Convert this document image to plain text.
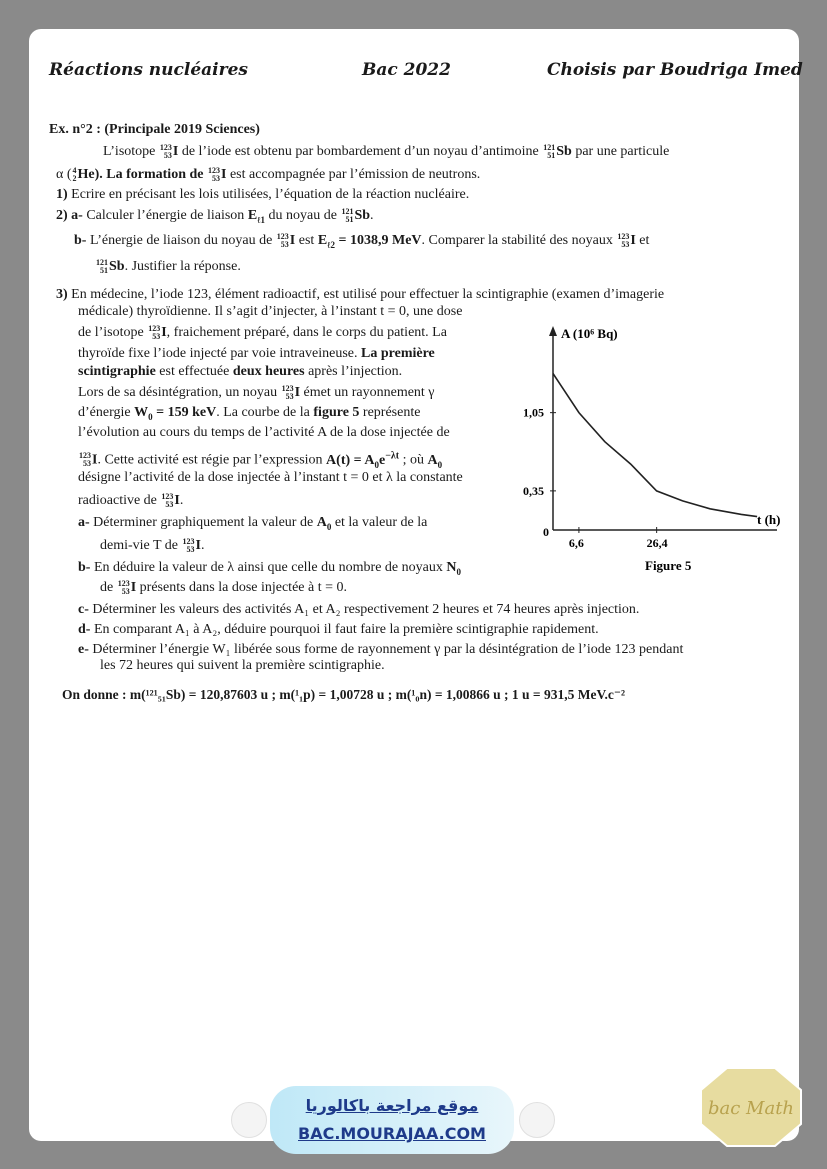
Réactions nucléaires	Bac 2022	Choisis par Boudriga Imed
Ex. n°2 : (Principale 2019 Sciences)
L’isotope 123
53 I de l’iode est obtenu par bombardement d’un noyau d’antimoine 121
51 Sb par une particule
α ( 4
2 He). La formation de 123
53 I est accompagnée par l’émission de neutrons.
1) Ecrire en précisant les lois utilisées, l’équation de la réaction nucléaire.
2) a- Calculer l’énergie de liaison $E_{\ell 1}$ du noyau de 121
51 Sb.
b- L’énergie de liaison du noyau de 123
53 I est $E_{\ell 2} = 1038,9$ MeV. Comparer la stabilité des noyaux 123
53 I et
121
51 Sb. Justifier la réponse.
3) En médecine, l’iode 123, élément radioactif, est utilisé pour effectuer la scintigraphie (examen d’imagerie
médicale) thyroïdienne. Il s’agit d’injecter, à l’instant t = 0, une dose
de l’isotope 123
53 I, fraichement préparé, dans le corps du patient. La
thyroïde fixe l’iode injecté par voie intraveineuse. La première
scintigraphie est effectuée deux heures après l’injection.
Lors de sa désintégration, un noyau 123
53 I émet un rayonnement γ
d’énergie $W_0 = 159$ keV. La courbe de la figure 5 représente
l’évolution au cours du temps de l’activité A de la dose injectée de
123
53 I. Cette activité est régie par l’expression $A(t) = A_0e^{-\lambda t}$ ; où $A_0$
désigne l’activité de la dose injectée à l’instant t = 0 et λ la constante
radioactive de 123
53 I.
a- Déterminer graphiquement la valeur de $A_0$ et la valeur de la
demi-vie T de 123
53 I.
b- En déduire la valeur de λ ainsi que celle du nombre de noyaux $N_0$
de 123
53 I présents dans la dose injectée à t = 0.
c- Déterminer les valeurs des activités A₁ et A₂ respectivement 2 heures et 74 heures après injection.
d- En comparant A₁ à A₂, déduire pourquoi il faut faire la première scintigraphie rapidement.
e- Déterminer l’énergie W₁ libérée sous forme de rayonnement γ par la désintégration de l’iode 123 pendant
les 72 heures qui suivent la première scintigraphie.
On donne : m(¹²¹₅₁Sb) = 120,87603 u ; m(¹₁p) = 1,00728 u ; m(¹₀n) = 1,00866 u ; 1 u = 931,5 MeV.c⁻²
A (10⁶ Bq)
t (h)
0
6,6	26,4
1,05
0,35
Figure 5
موقع مراجعة باكالوريا
BAC.MOURAJAA.COM
bac Math
